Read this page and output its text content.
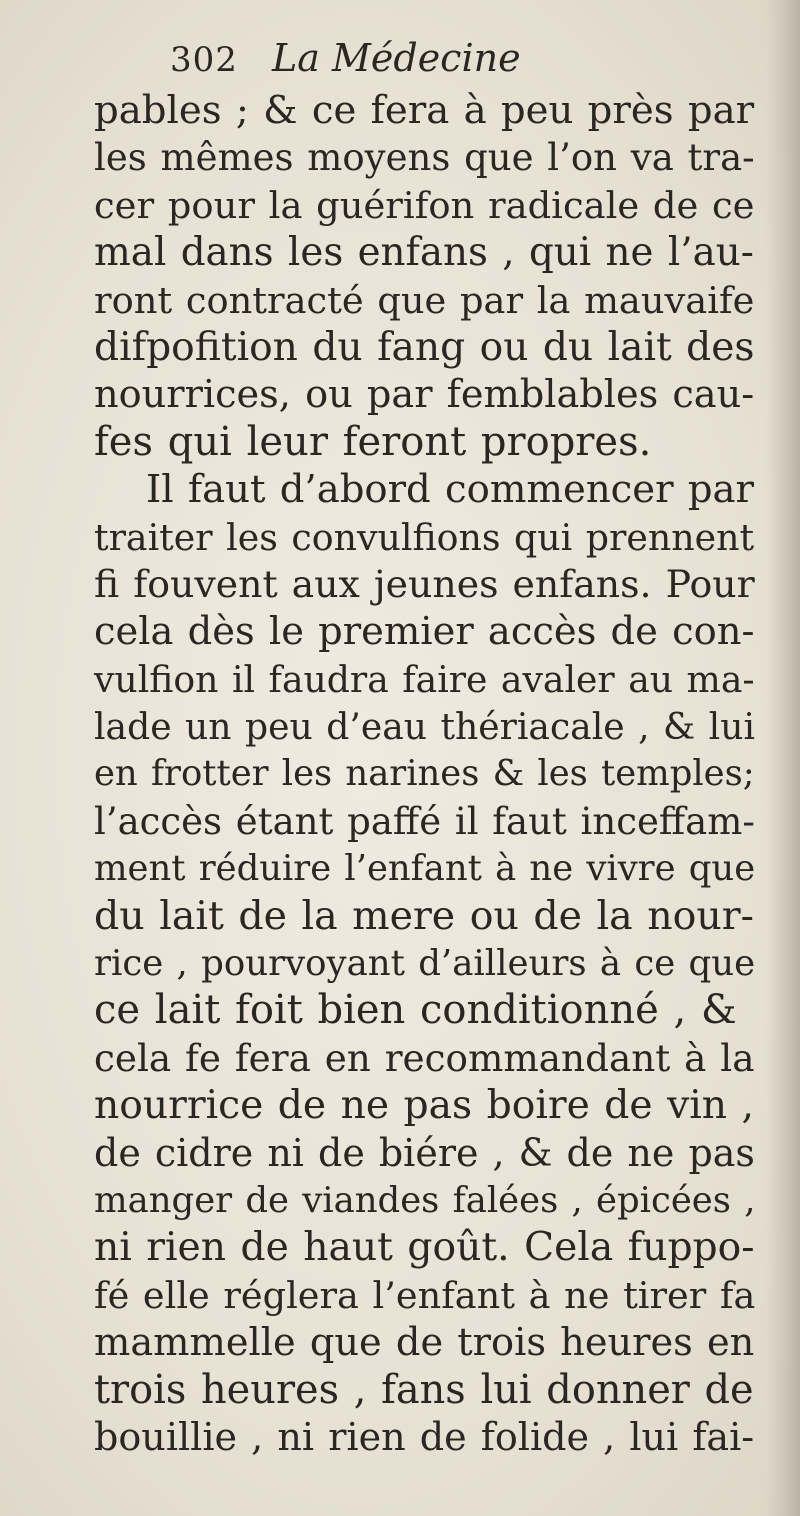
302 La Médecine
pables ; & ce fera à peu près par
les mêmes moyens que l’on va tra-
cer pour la guérifon radicale de ce
mal dans les enfans , qui ne l’au-
ront contracté que par la mauvaife
difpofition du fang ou du lait des
nourrices, ou par femblables cau-
fes qui leur feront propres.
Il faut d’abord commencer par
traiter les convulfions qui prennent
fi fouvent aux jeunes enfans. Pour
cela dès le premier accès de con-
vulfion il faudra faire avaler au ma-
lade un peu d’eau thériacale , & lui
en frotter les narines & les temples;
l’accès étant paffé il faut inceffam-
ment réduire l’enfant à ne vivre que
du lait de la mere ou de la nour-
rice , pourvoyant d’ailleurs à ce que
ce lait foit bien conditionné , &
cela fe fera en recommandant à la
nourrice de ne pas boire de vin ,
de cidre ni de biére , & de ne pas
manger de viandes falées , épicées ,
ni rien de haut goût. Cela fuppo-
fé elle réglera l’enfant à ne tirer fa
mammelle que de trois heures en
trois heures , fans lui donner de
bouillie , ni rien de folide , lui fai-
